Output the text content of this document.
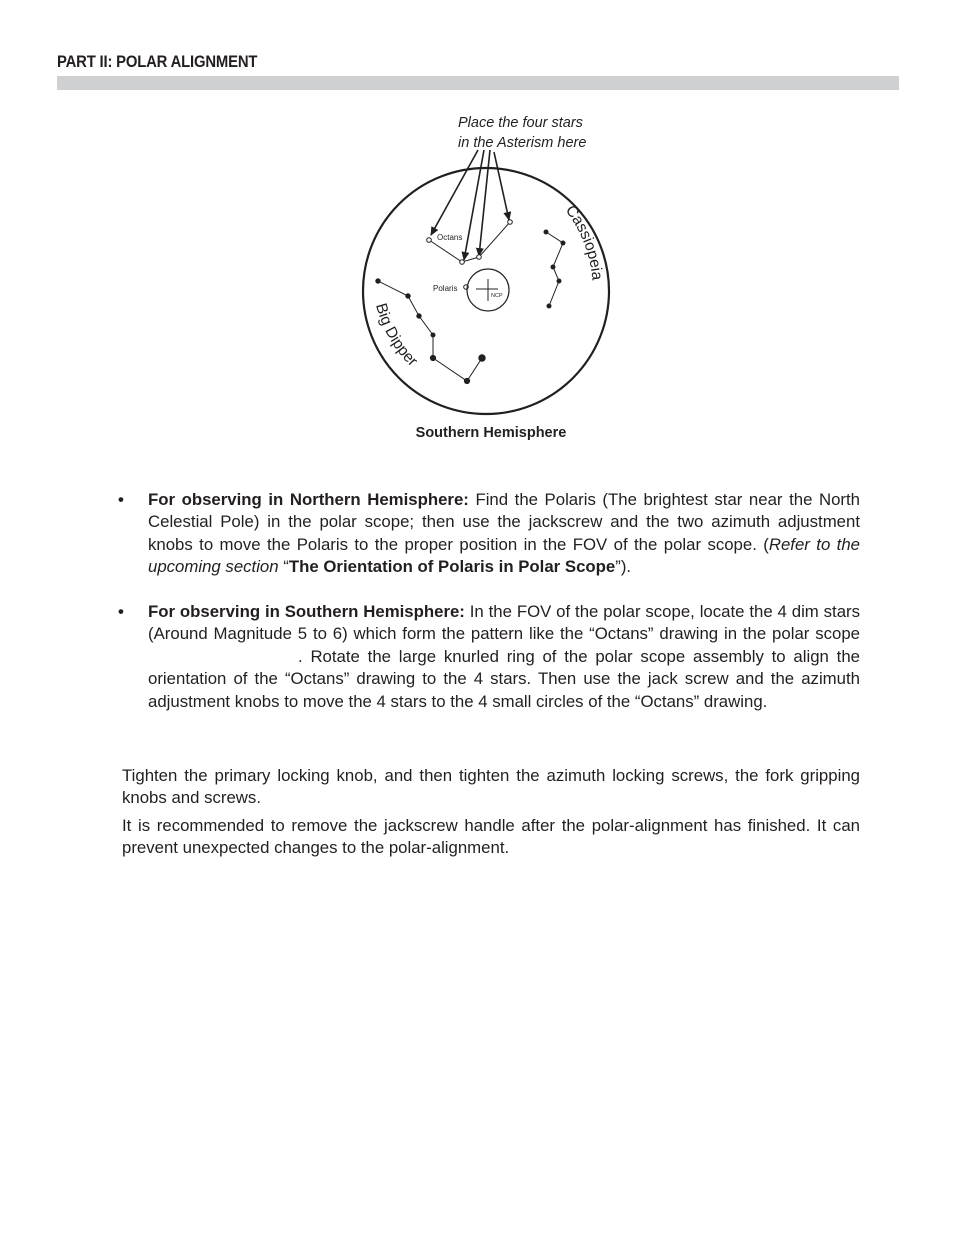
PART II: POLAR ALIGNMENT
Place the four stars
in the Asterism here
Octans
Polaris
NCP
Cassiopeia
Big Dipper
Southern Hemisphere
• For observing in Northern Hemisphere: Find the Polaris (The brightest star near the North Celestial Pole) in the polar scope; then use the jackscrew and the two azimuth adjustment knobs to move the Polaris to the proper position in the FOV of the polar scope. (Refer to the upcoming section “The Orientation of Polaris in Polar Scope”).
• For observing in Southern Hemisphere: In the FOV of the polar scope, locate the 4 dim stars (Around Magnitude 5 to 6) which form the pattern like the “Octans” drawing in the polar scope. Rotate the large knurled ring of the polar scope assembly to align the orientation of the “Octans” drawing to the 4 stars. Then use the jack screw and the azimuth adjustment knobs to move the 4 stars to the 4 small circles of the “Octans” drawing.
Tighten the primary locking knob, and then tighten the azimuth locking screws, the fork gripping knobs and screws.
It is recommended to remove the jackscrew handle after the polar-alignment has finished. It can prevent unexpected changes to the polar-alignment.
